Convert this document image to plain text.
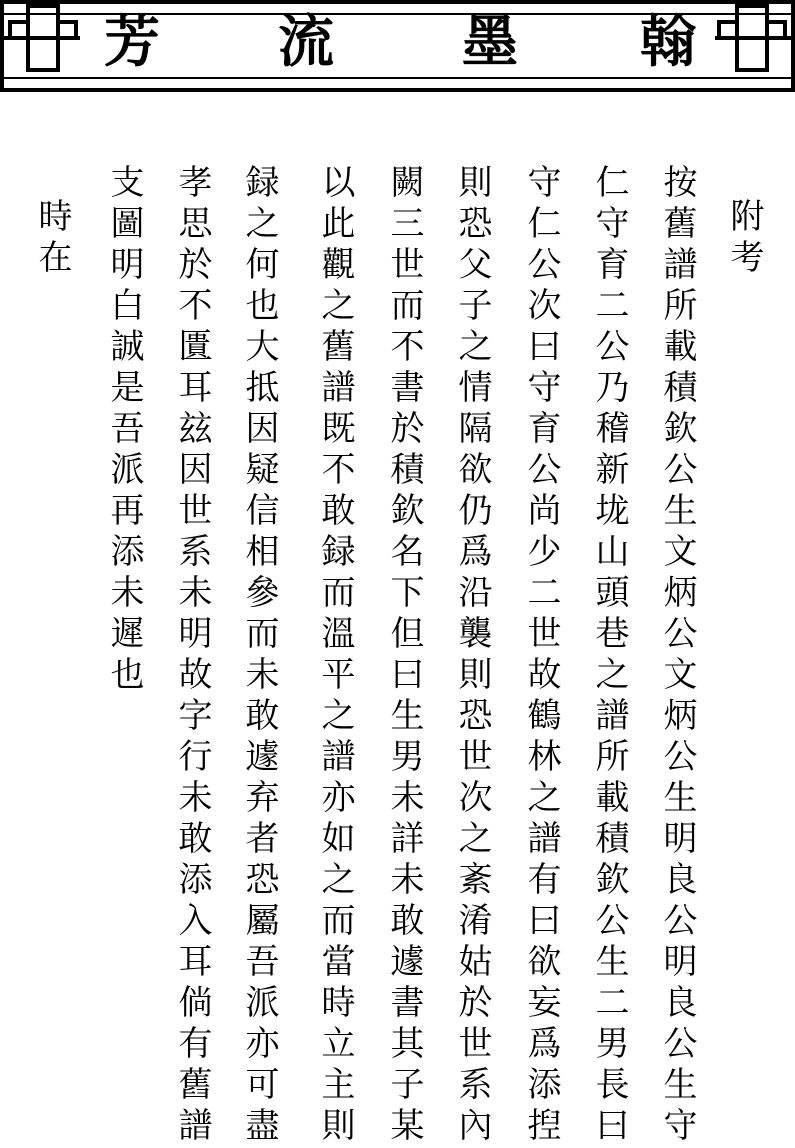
芳 流 墨 翰
附考
按舊譜所載積欽公生文炳公文炳公生明良公明良公生守
仁守育二公乃稽新垅山頭巷之譜所載積欽公生二男長曰
守仁公次曰守育公尚少二世故鶴林之譜有曰欲妄爲添揑
則恐父子之情隔欲仍爲沿襲則恐世次之紊淆姑於世系內
闕三世而不書於積欽名下但曰生男未詳未敢遽書其子某
以此觀之舊譜既不敢録而溫平之譜亦如之而當時立主則
録之何也大抵因疑信相參而未敢遽弃者恐屬吾派亦可盡
孝思於不匱耳玆因世系未明故字行未敢添入耳倘有舊譜
支圖明白誠是吾派再添未遲也
時在
